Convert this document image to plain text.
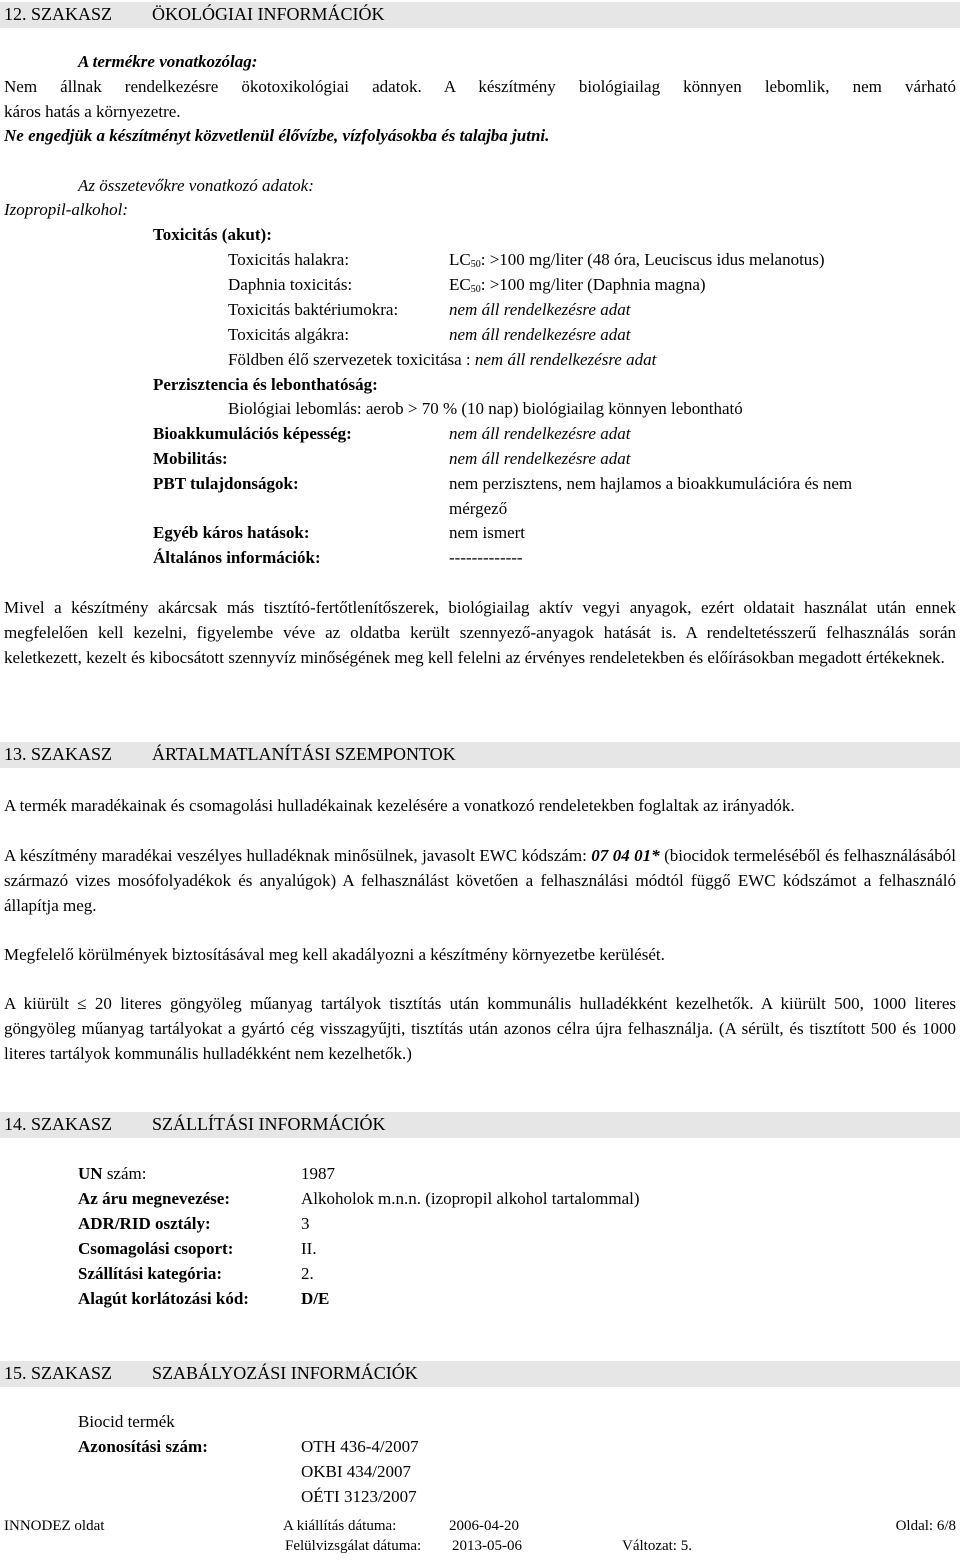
12. SZAKASZ ÖKOLÓGIAI INFORMÁCIÓK
A termékre vonatkozólag:
Nem állnak rendelkezésre ökotoxikológiai adatok. A készítmény biológiailag könnyen lebomlik, nem várható
káros hatás a környezetre.
Ne engedjük a készítményt közvetlenül élővízbe, vízfolyásokba és talajba jutni.
Az összetevőkre vonatkozó adatok:
Izopropil-alkohol:
Toxicitás (akut):
Toxicitás halakra:	$LC_{50}$: >100 mg/liter (48 óra, Leuciscus idus melanotus)
Daphnia toxicitás:	$EC_{50}$: >100 mg/liter (Daphnia magna)
Toxicitás baktériumokra:	nem áll rendelkezésre adat
Toxicitás algákra:	nem áll rendelkezésre adat
Földben élő szervezetek toxicitása : nem áll rendelkezésre adat
Perzisztencia és lebonthatóság:
Biológiai lebomlás: aerob > 70 % (10 nap) biológiailag könnyen lebontható
Bioakkumulációs képesség:	nem áll rendelkezésre adat
Mobilitás:	nem áll rendelkezésre adat
PBT tulajdonságok:	nem perzisztens, nem hajlamos a bioakkumulációra és nem
mérgező
Egyéb káros hatások:	nem ismert
Általános információk:	-------------
Mivel a készítmény akárcsak más tisztító-fertőtlenítőszerek, biológiailag aktív vegyi anyagok, ezért oldatait használat után ennek megfelelően kell kezelni, figyelembe véve az oldatba került szennyező-anyagok hatását is. A rendeltetésszerű felhasználás során keletkezett, kezelt és kibocsátott szennyvíz minőségének meg kell felelni az érvényes rendeletekben és előírásokban megadott értékeknek.
13. SZAKASZ ÁRTALMATLANÍTÁSI SZEMPONTOK
A termék maradékainak és csomagolási hulladékainak kezelésére a vonatkozó rendeletekben foglaltak az irányadók.
A készítmény maradékai veszélyes hulladéknak minősülnek, javasolt EWC kódszám: 07 04 01* (biocidok termeléséből és felhasználásából származó vizes mosófolyadékok és anyalúgok) A felhasználást követően a felhasználási módtól függő EWC kódszámot a felhasználó állapítja meg.
Megfelelő körülmények biztosításával meg kell akadályozni a készítmény környezetbe kerülését.
A kiürült ≤ 20 literes göngyöleg műanyag tartályok tisztítás után kommunális hulladékként kezelhetők. A kiürült 500, 1000 literes göngyöleg műanyag tartályokat a gyártó cég visszagyűjti, tisztítás után azonos célra újra felhasználja. (A sérült, és tisztított 500 és 1000 literes tartályok kommunális hulladékként nem kezelhetők.)
14. SZAKASZ SZÁLLÍTÁSI INFORMÁCIÓK
UN szám:	1987
Az áru megnevezése:	Alkoholok m.n.n. (izopropil alkohol tartalommal)
ADR/RID osztály:	3
Csomagolási csoport:	II.
Szállítási kategória:	2.
Alagút korlátozási kód:	D/E
15. SZAKASZ SZABÁLYOZÁSI INFORMÁCIÓK
Biocid termék
Azonosítási szám:	OTH 436-4/2007
OKBI 434/2007
OÉTI 3123/2007
INNODEZ oldat	A kiállítás dátuma:	2006-04-20	Oldal: 6/8
Felülvizsgálat dátuma: 2013-05-06	Változat: 5.
